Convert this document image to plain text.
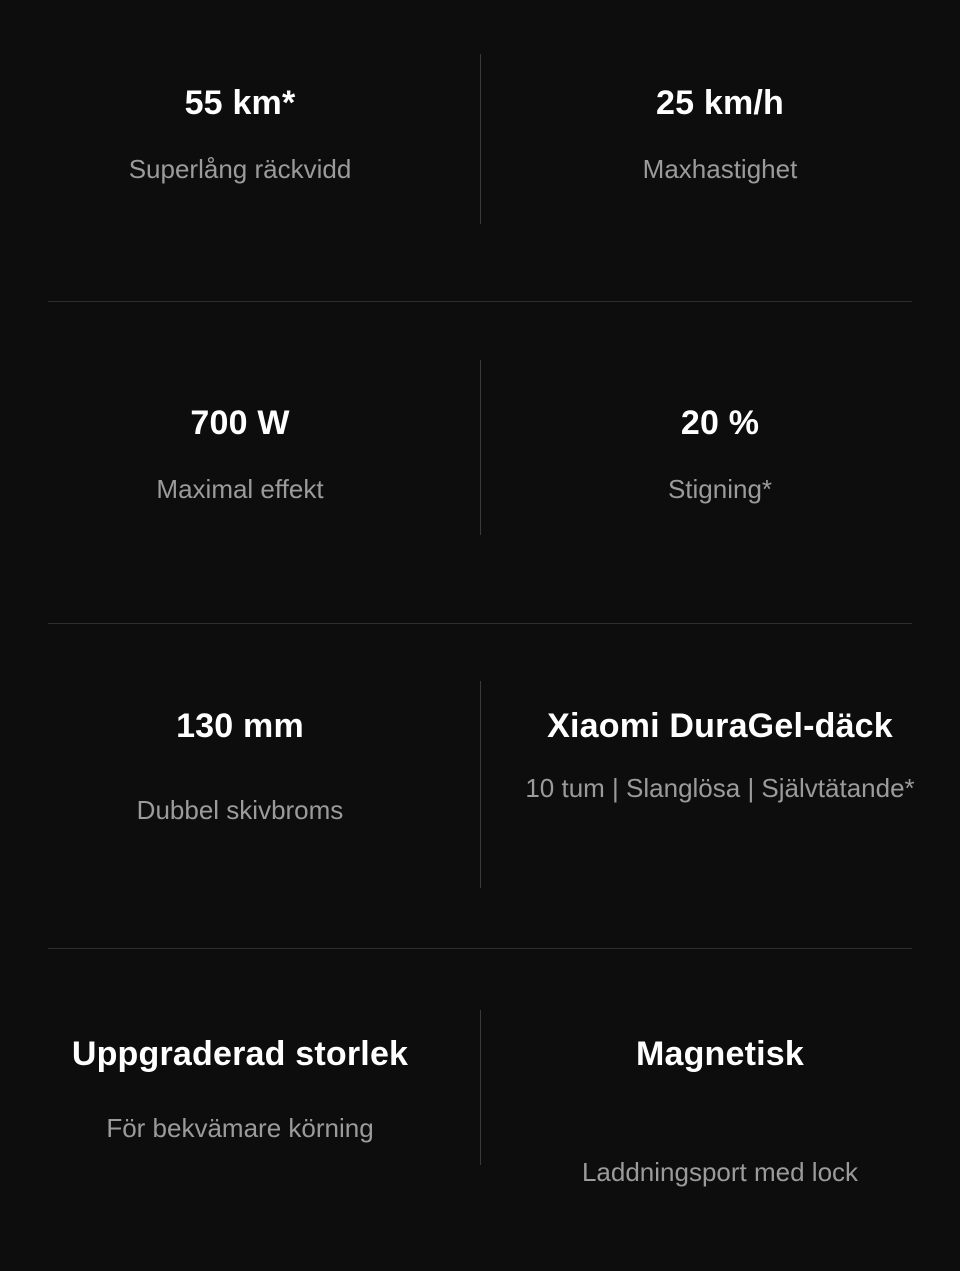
55 km*
Superlång räckvidd
25 km/h
Maxhastighet
700 W
Maximal effekt
20 %
Stigning*
130 mm
Dubbel skivbroms
Xiaomi DuraGel-däck
10 tum | Slanglösa | Självtätande*
Uppgraderad storlek
För bekvämare körning
Magnetisk
Laddningsport med lock
